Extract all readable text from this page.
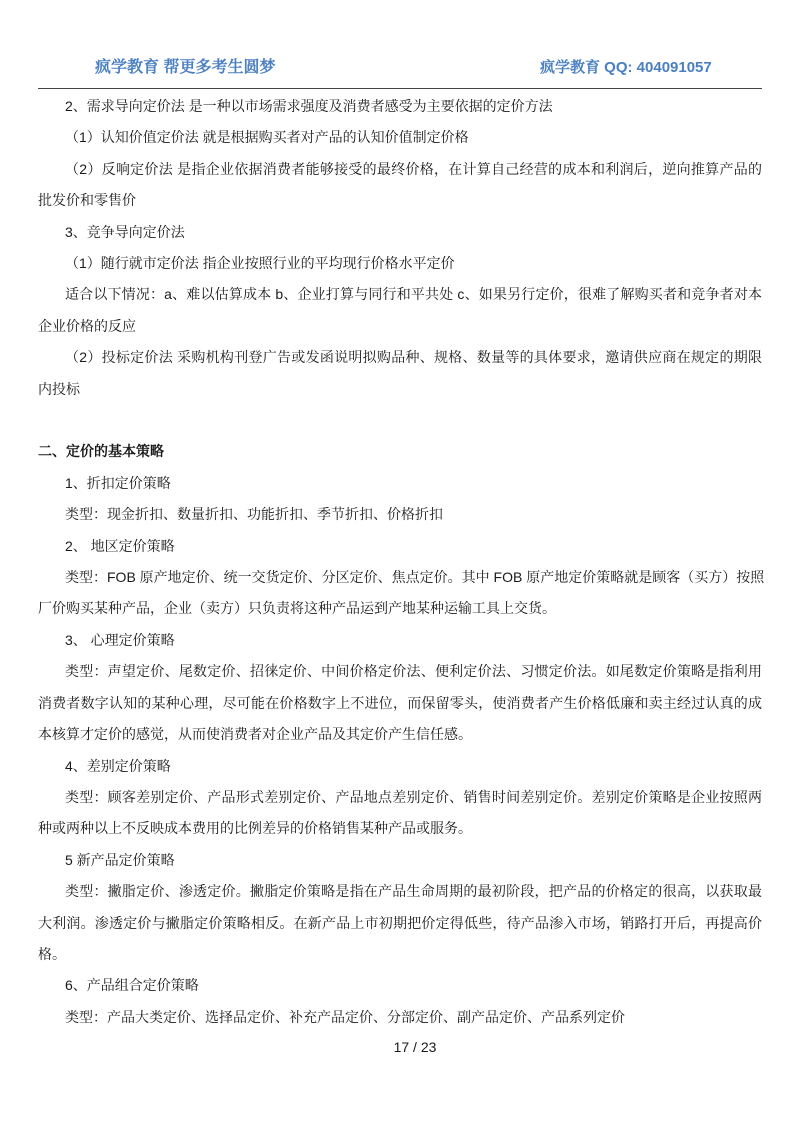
疯学教育 帮更多考生圆梦	疯学教育 QQ: 404091057
2、需求导向定价法 是一种以市场需求强度及消费者感受为主要依据的定价方法
（1）认知价值定价法 就是根据购买者对产品的认知价值制定价格
（2）反响定价法 是指企业依据消费者能够接受的最终价格，在计算自己经营的成本和利润后，逆向推算产品的
批发价和零售价
3、竞争导向定价法
（1）随行就市定价法 指企业按照行业的平均现行价格水平定价
适合以下情况：a、难以估算成本 b、企业打算与同行和平共处 c、如果另行定价，很难了解购买者和竞争者对本
企业价格的反应
（2）投标定价法 采购机构刊登广告或发函说明拟购品种、规格、数量等的具体要求，邀请供应商在规定的期限
内投标
二、定价的基本策略
1、折扣定价策略
类型：现金折扣、数量折扣、功能折扣、季节折扣、价格折扣
2、 地区定价策略
类型：FOB 原产地定价、统一交货定价、分区定价、焦点定价。其中 FOB 原产地定价策略就是顾客（买方）按照
厂价购买某种产品，企业（卖方）只负责将这种产品运到产地某种运输工具上交货。
3、 心理定价策略
类型：声望定价、尾数定价、招徕定价、中间价格定价法、便利定价法、习惯定价法。如尾数定价策略是指利用
消费者数字认知的某种心理，尽可能在价格数字上不进位，而保留零头，使消费者产生价格低廉和卖主经过认真的成
本核算才定价的感觉，从而使消费者对企业产品及其定价产生信任感。
4、差别定价策略
类型：顾客差别定价、产品形式差别定价、产品地点差别定价、销售时间差别定价。差别定价策略是企业按照两
种或两种以上不反映成本费用的比例差异的价格销售某种产品或服务。
5 新产品定价策略
类型：撇脂定价、渗透定价。撇脂定价策略是指在产品生命周期的最初阶段，把产品的价格定的很高，以获取最
大利润。渗透定价与撇脂定价策略相反。在新产品上市初期把价定得低些，待产品渗入市场，销路打开后，再提高价
格。
6、产品组合定价策略
类型：产品大类定价、选择品定价、补充产品定价、分部定价、副产品定价、产品系列定价
17 / 23
